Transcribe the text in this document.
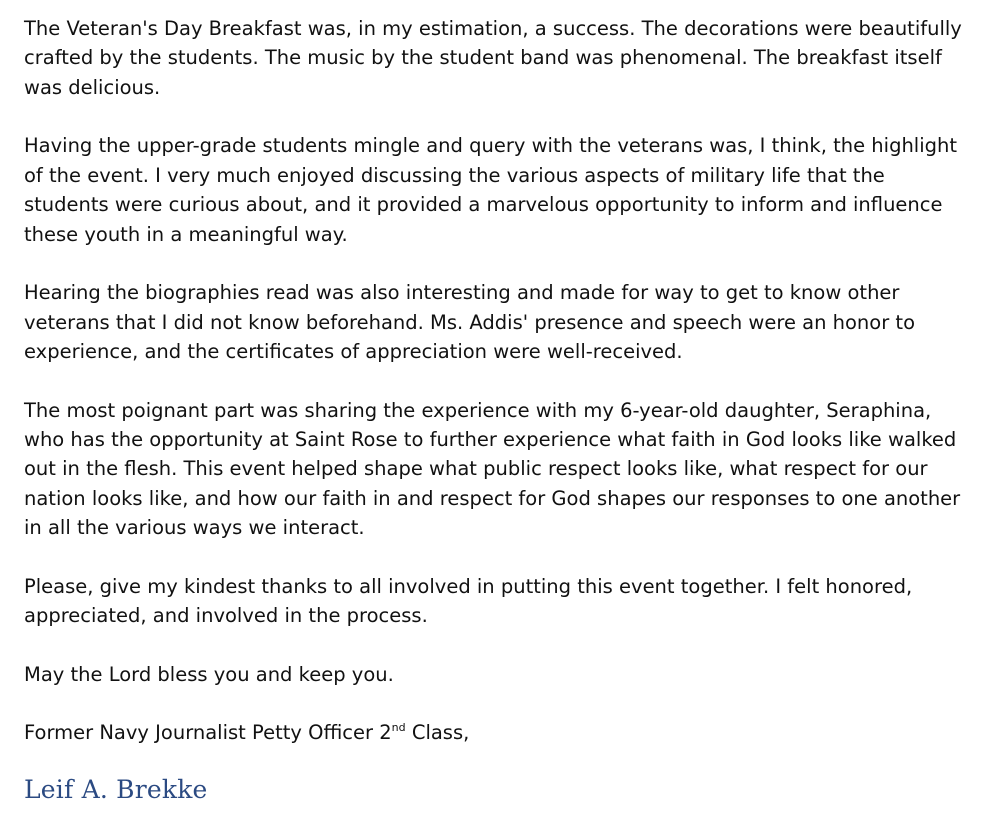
The Veteran's Day Breakfast was, in my estimation, a success. The decorations were beautifully crafted by the students. The music by the student band was phenomenal. The breakfast itself was delicious.

Having the upper-grade students mingle and query with the veterans was, I think, the highlight of the event. I very much enjoyed discussing the various aspects of military life that the students were curious about, and it provided a marvelous opportunity to inform and influence these youth in a meaningful way.

Hearing the biographies read was also interesting and made for way to get to know other veterans that I did not know beforehand. Ms. Addis' presence and speech were an honor to experience, and the certificates of appreciation were well-received.

The most poignant part was sharing the experience with my 6-year-old daughter, Seraphina, who has the opportunity at Saint Rose to further experience what faith in God looks like walked out in the flesh. This event helped shape what public respect looks like, what respect for our nation looks like, and how our faith in and respect for God shapes our responses to one another in all the various ways we interact.

Please, give my kindest thanks to all involved in putting this event together. I felt honored, appreciated, and involved in the process.

May the Lord bless you and keep you.

Former Navy Journalist Petty Officer 2nd Class,

Leif A. Brekke
